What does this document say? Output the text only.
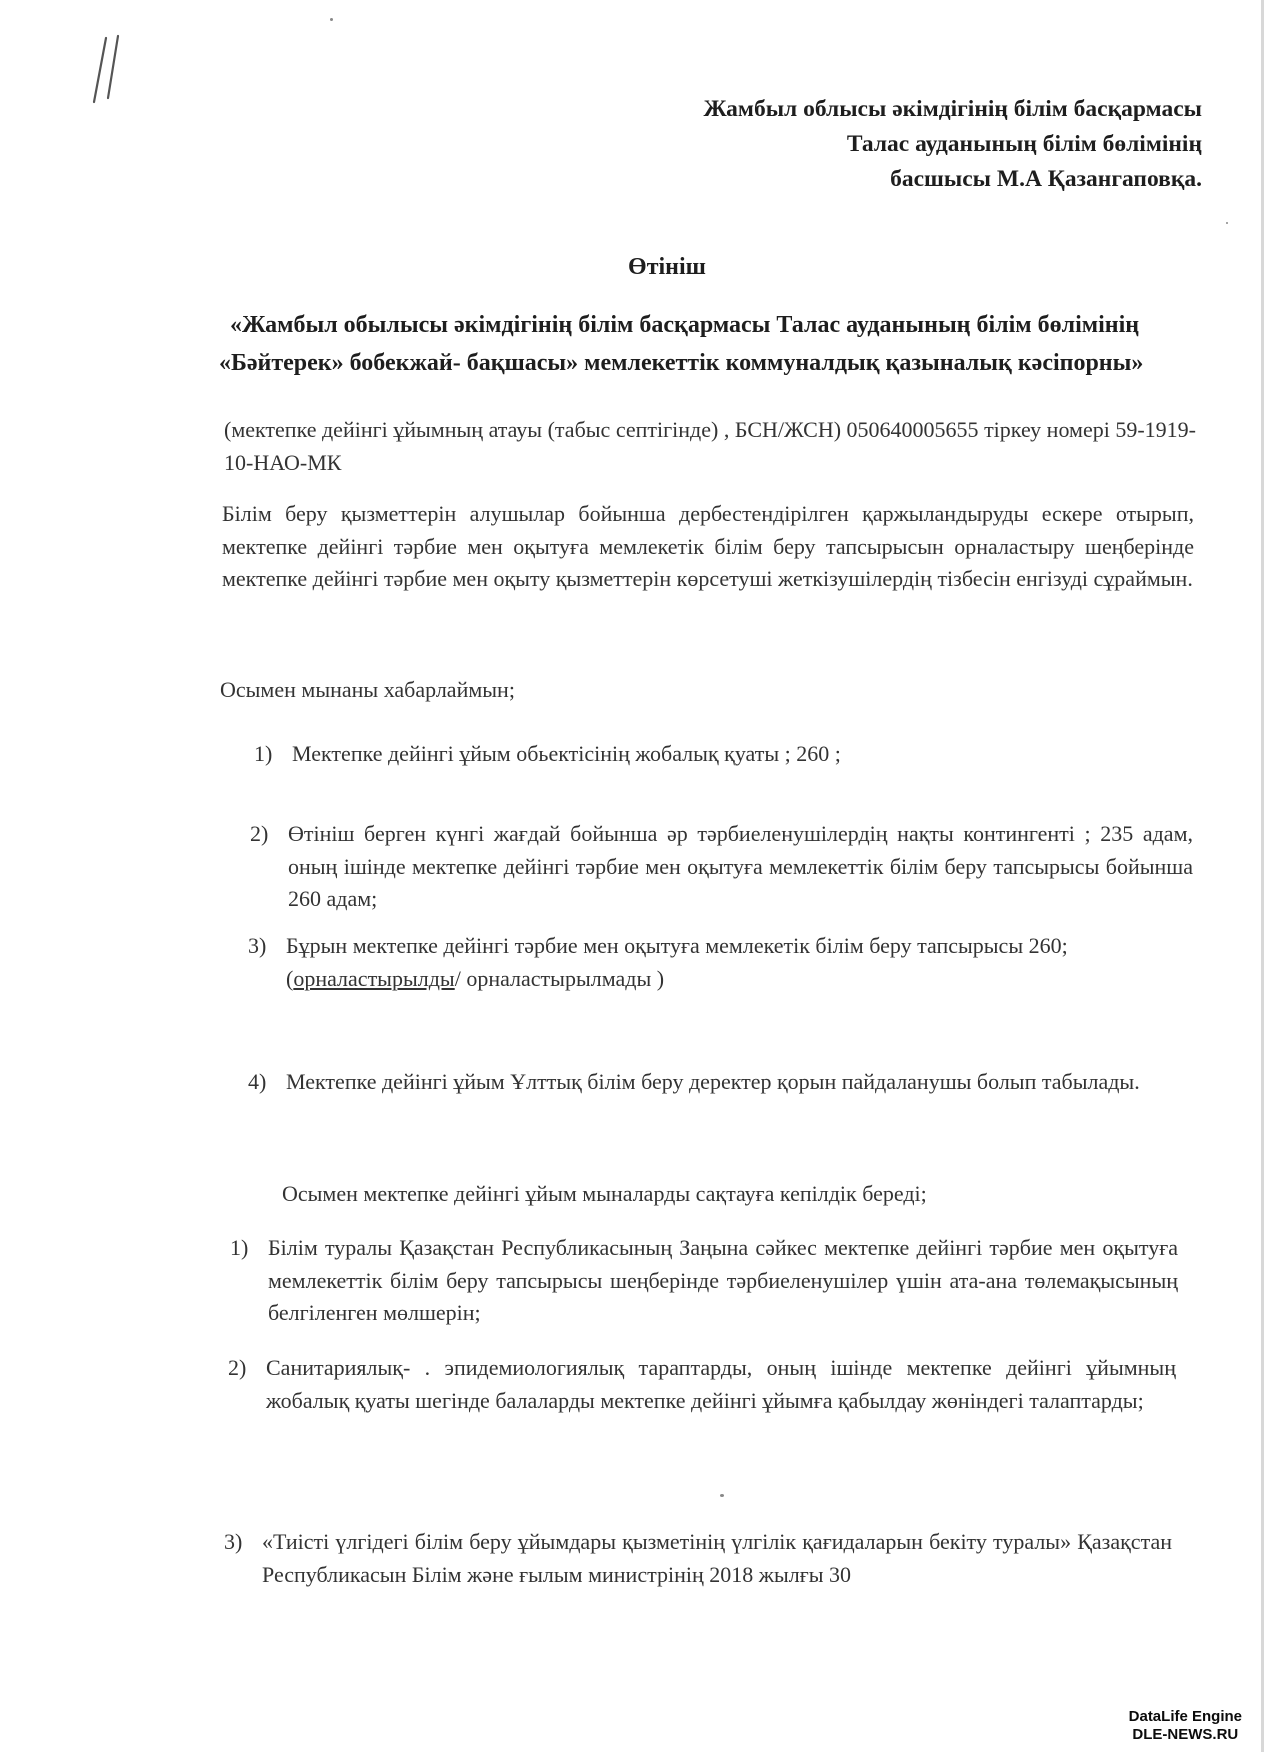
Жамбыл облысы әкімдігінің білім басқармасы
Талас ауданының білім бөлімінің
басшысы М.А Қазангаповқа.
Өтініш
«Жамбыл обылысы әкімдігінің білім басқармасы Талас ауданының білім бөлімінің
«Бәйтерек» бобекжай- бақшасы» мемлекеттік коммуналдық қазыналық кәсіпорны»
(мектепке дейінгі ұйымның атауы (табыс септігінде) , БСН/ЖСН) 050640005655 тіркеу номері 59-1919-10-НАО-МК
Білім беру қызметтерін алушылар бойынша дербестендірілген қаржыландыруды ескере отырып, мектепке дейінгі тәрбие мен оқытуға мемлекетік білім беру тапсырысын орналастыру шеңберінде мектепке дейінгі тәрбие мен оқыту қызметтерін көрсетуші жеткізушілердің тізбесін енгізуді сұраймын.
Осымен мынаны хабарлаймын;
1) Мектепке дейінгі ұйым обьектісінің жобалық қуаты ; 260 ;
2) Өтініш берген күнгі жағдай бойынша әр тәрбиеленушілердің нақты контингенті ; 235 адам, оның ішінде мектепке дейінгі тәрбие мен оқытуға мемлекеттік білім беру тапсырысы бойынша 260 адам;
3) Бұрын мектепке дейінгі тәрбие мен оқытуға мемлекетік білім беру тапсырысы 260;
(орналастырылды/ орналастырылмады )
4) Мектепке дейінгі ұйым Ұлттық білім беру деректер қорын пайдаланушы болып табылады.
Осымен мектепке дейінгі ұйым мыналарды сақтауға кепілдік береді;
1) Білім туралы Қазақстан Республикасының Заңына сәйкес мектепке дейінгі тәрбие мен оқытуға мемлекеттік білім беру тапсырысы шеңберінде тәрбиеленушілер үшін ата-ана төлемақысының белгіленген мөлшерін;
2) Санитариялық- . эпидемиологиялық тараптарды, оның ішінде мектепке дейінгі ұйымның жобалық қуаты шегінде балаларды мектепке дейінгі ұйымға қабылдау жөніндегі талаптарды;
3) «Тиісті үлгідегі білім беру ұйымдары қызметінің үлгілік қағидаларын бекіту туралы» Қазақстан Республикасын Білім және ғылым министрінің 2018 жылғы 30
DataLife Engine
DLE-NEWS.RU
